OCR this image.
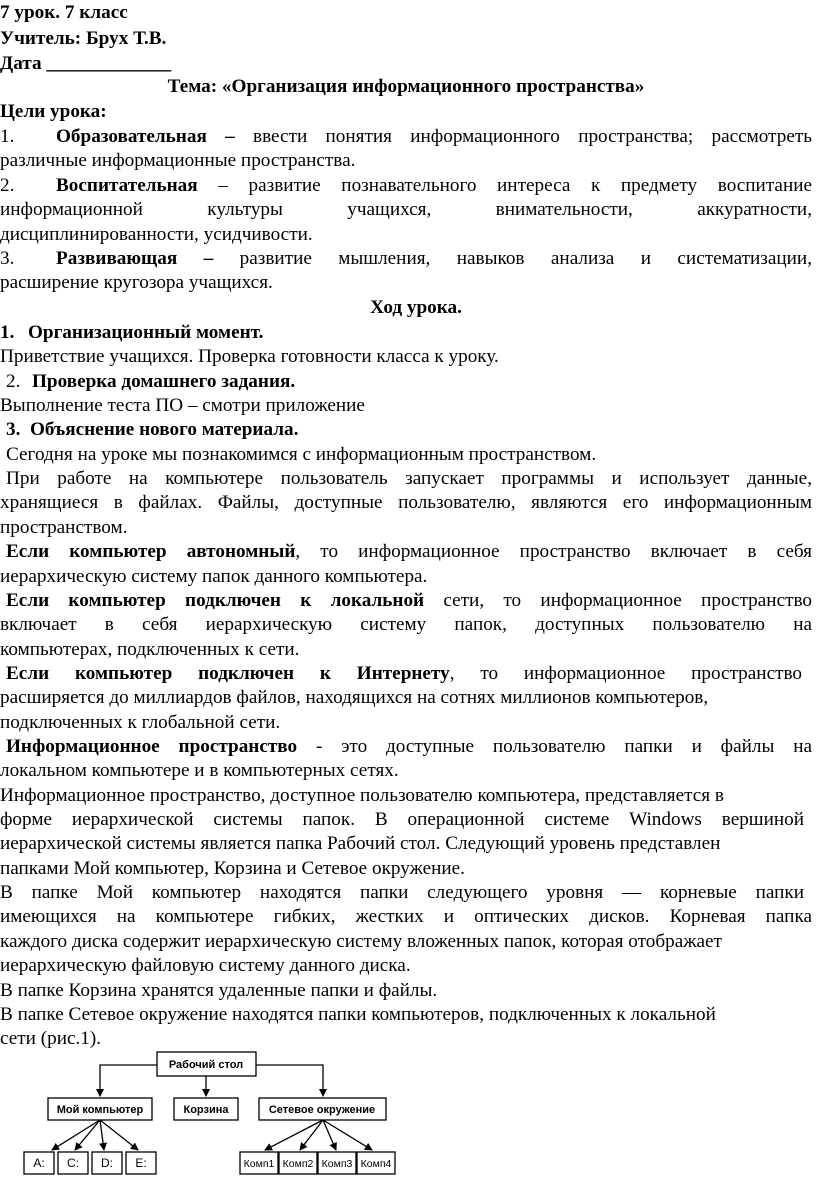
7 урок. 7 класс
Учитель: Брух Т.В.
Дата _____________
Тема: «Организация информационного пространства»
Цели урока:
1. Образовательная – ввести понятия информационного пространства; рассмотреть
различные информационные пространства.
2. Воспитательная – развитие познавательного интереса к предмету воспитание
информационной культуры учащихся, внимательности, аккуратности,
дисциплинированности, усидчивости.
3. Развивающая – развитие мышления, навыков анализа и систематизации,
расширение кругозора учащихся.
Ход урока.
1. Организационный момент.
Приветствие учащихся. Проверка готовности класса к уроку.
2. Проверка домашнего задания.
Выполнение теста ПО – смотри приложение
3. Объяснение нового материала.
Сегодня на уроке мы познакомимся с информационным пространством.
При работе на компьютере пользователь запускает программы и использует данные,
хранящиеся в файлах. Файлы, доступные пользователю, являются его информационным
пространством.
Если компьютер автономный, то информационное пространство включает в себя
иерархическую систему папок данного компьютера.
Если компьютер подключен к локальной сети, то информационное пространство
включает в себя иерархическую систему папок, доступных пользователю на
компьютерах, подключенных к сети.
Если компьютер подключен к Интернету, то информационное пространство
расширяется до миллиардов файлов, находящихся на сотнях миллионов компьютеров,
подключенных к глобальной сети.
Информационное пространство - это доступные пользователю папки и файлы на
локальном компьютере и в компьютерных сетях.
Информационное пространство, доступное пользователю компьютера, представляется в
форме иерархической системы папок. В операционной системе Windows вершиной
иерархической системы является папка Рабочий стол. Следующий уровень представлен
папками Мой компьютер, Корзина и Сетевое окружение.
В папке Мой компьютер находятся папки следующего уровня — корневые папки
имеющихся на компьютере гибких, жестких и оптических дисков. Корневая папка
каждого диска содержит иерархическую систему вложенных папок, которая отображает
иерархическую файловую систему данного диска.
В папке Корзина хранятся удаленные папки и файлы.
В папке Сетевое окружение находятся папки компьютеров, подключенных к локальной
сети (рис.1).
Рабочий стол
Мой компьютер	Корзина	Сетевое окружение
A: C: D: E:	Комп1 Комп2 Комп3 Комп4
